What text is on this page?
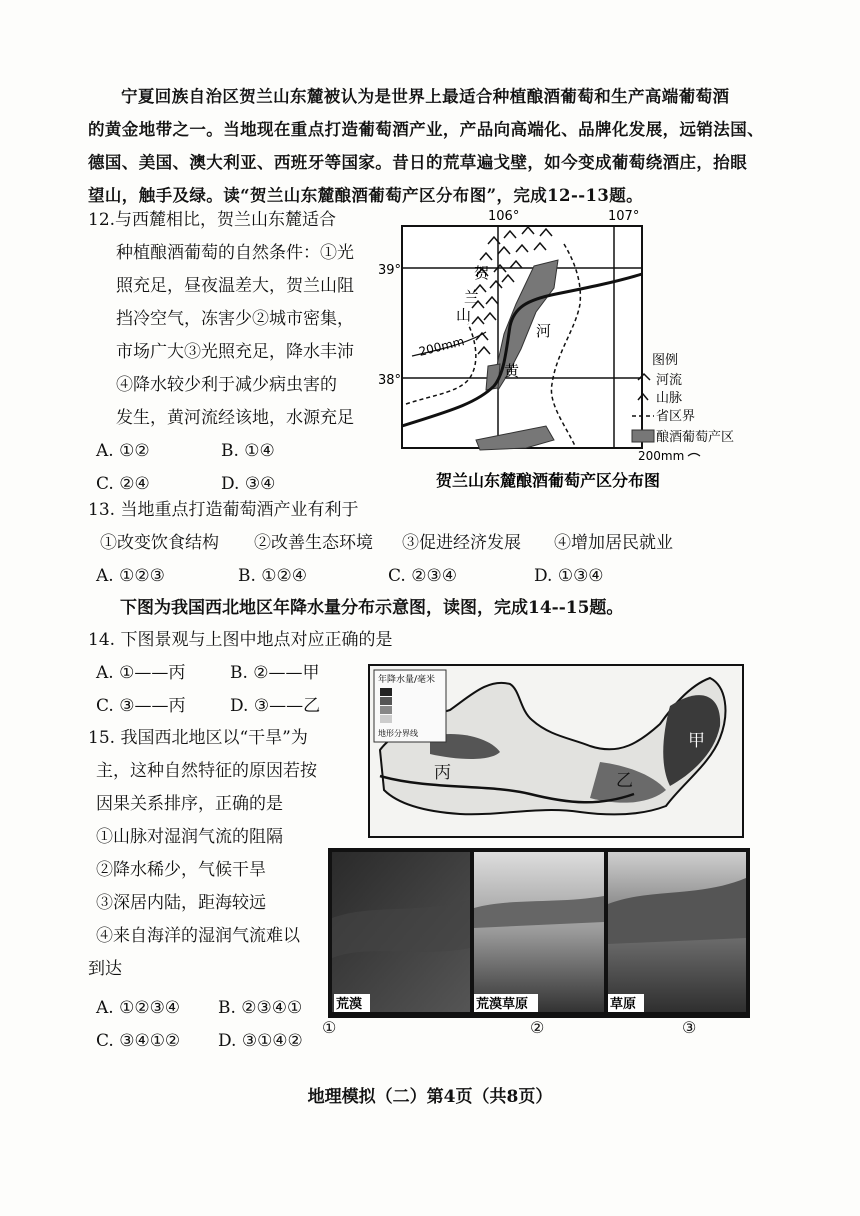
宁夏回族自治区贺兰山东麓被认为是世界上最适合种植酿酒葡萄和生产高端葡萄酒

的黄金地带之一。当地现在重点打造葡萄酒产业，产品向高端化、品牌化发展，远销法国、

德国、美国、澳大利亚、西班牙等国家。昔日的荒草遍戈壁，如今变成葡萄绕酒庄，抬眼

望山，触手及绿。读“贺兰山东麓酿酒葡萄产区分布图”，完成12--13题。

12.与西麓相比，贺兰山东麓适合

种植酿酒葡萄的自然条件：①光

照充足，昼夜温差大，贺兰山阻

挡冷空气，冻害少②城市密集，

市场广大③光照充足，降水丰沛

④降水较少利于减少病虫害的

发生，黄河流经该地，水源充足

A. ①②	B. ①④
C. ②④	D. ③④
106°	107°
39°
38°
贺
兰
山
河
黄
200mm
图例
河流
山脉
省区界
酿酒葡萄产区
200mm
贺兰山东麓酿酒葡萄产区分布图

13. 当地重点打造葡萄酒产业有利于

①改变饮食结构	②改善生态环境	③促进经济发展	④增加居民就业
A. ①②③	B. ①②④	C. ②③④	D. ①③④
下图为我国西北地区年降水量分布示意图，读图，完成14--15题。

14. 下图景观与上图中地点对应正确的是

A. ①——丙	B. ②——甲
C. ③——丙	D. ③——乙
年降水量/毫米
地形分界线	甲
乙
丙

15. 我国西北地区以“干旱”为

主，这种自然特征的原因若按

因果关系排序，正确的是

①山脉对湿润气流的阻隔

②降水稀少，气候干旱

③深居内陆，距海较远

④来自海洋的湿润气流难以

到达

A. ①②③④	B. ②③④①
C. ③④①②	D. ③①④②
荒漠	荒漠草原	草原
①	②	③
地理模拟（二）第4页（共8页）
